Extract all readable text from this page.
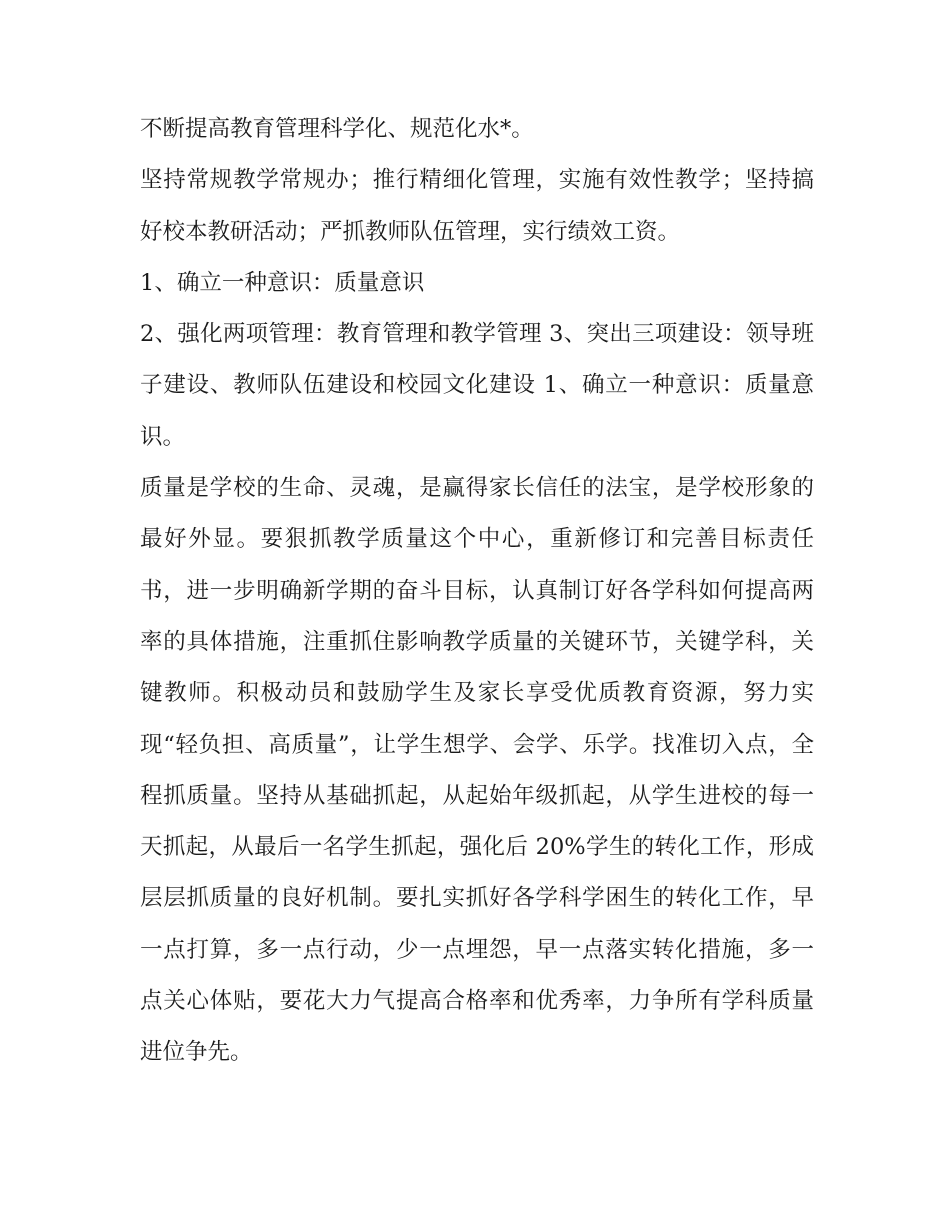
不断提高教育管理科学化、规范化水*。

坚持常规教学常规办；推行精细化管理，实施有效性教学；坚持搞好校本教研活动；严抓教师队伍管理，实行绩效工资。

1、确立一种意识：质量意识

2、强化两项管理：教育管理和教学管理 3、突出三项建设：领导班子建设、教师队伍建设和校园文化建设 1、确立一种意识：质量意识。

质量是学校的生命、灵魂，是赢得家长信任的法宝，是学校形象的最好外显。要狠抓教学质量这个中心，重新修订和完善目标责任书，进一步明确新学期的奋斗目标，认真制订好各学科如何提高两率的具体措施，注重抓住影响教学质量的关键环节，关键学科，关键教师。积极动员和鼓励学生及家长享受优质教育资源，努力实现“轻负担、高质量”，让学生想学、会学、乐学。找准切入点，全程抓质量。坚持从基础抓起，从起始年级抓起，从学生进校的每一天抓起，从最后一名学生抓起，强化后 20%学生的转化工作，形成层层抓质量的良好机制。要扎实抓好各学科学困生的转化工作，早一点打算，多一点行动，少一点埋怨，早一点落实转化措施，多一点关心体贴，要花大力气提高合格率和优秀率，力争所有学科质量进位争先。
